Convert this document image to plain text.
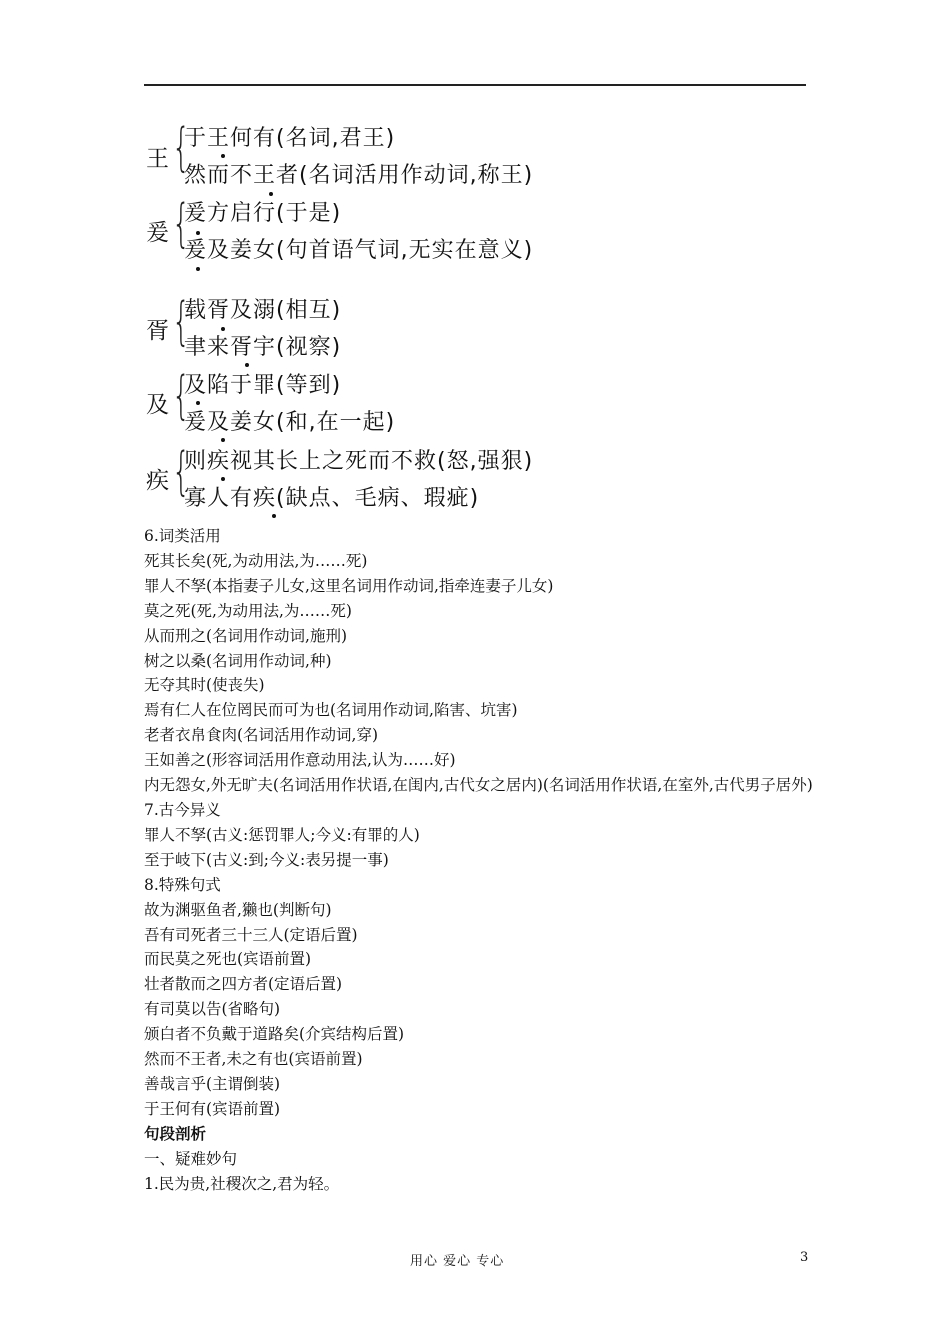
王 {
于王何有(名词,君王)
然而不王者(名词活用作动词,称王)
爰 {
爰方启行(于是)
爰及姜女(句首语气词,无实在意义)
胥 {
载胥及溺(相互)
聿来胥宇(视察)
及 {
及陷于罪(等到)
爰及姜女(和,在一起)
疾 {
则疾视其长上之死而不救(怒,强狠)
寡人有疾(缺点、毛病、瑕疵)
6.词类活用
死其长矣(死,为动用法,为……死)
罪人不孥(本指妻子儿女,这里名词用作动词,指牵连妻子儿女)
莫之死(死,为动用法,为……死)
从而刑之(名词用作动词,施刑)
树之以桑(名词用作动词,种)
无夺其时(使丧失)
焉有仁人在位罔民而可为也(名词用作动词,陷害、坑害)
老者衣帛食肉(名词活用作动词,穿)
王如善之(形容词活用作意动用法,认为……好)
内无怨女,外无旷夫(名词活用作状语,在闺内,古代女之居内)(名词活用作状语,在室外,古代男子居外)
7.古今异义
罪人不孥(古义:惩罚罪人;今义:有罪的人)
至于岐下(古义:到;今义:表另提一事)
8.特殊句式
故为渊驱鱼者,獭也(判断句)
吾有司死者三十三人(定语后置)
而民莫之死也(宾语前置)
壮者散而之四方者(定语后置)
有司莫以告(省略句)
颁白者不负戴于道路矣(介宾结构后置)
然而不王者,未之有也(宾语前置)
善哉言乎(主谓倒装)
于王何有(宾语前置)
句段剖析
一、疑难妙句
1.民为贵,社稷次之,君为轻。
用心 爱心 专心	3
